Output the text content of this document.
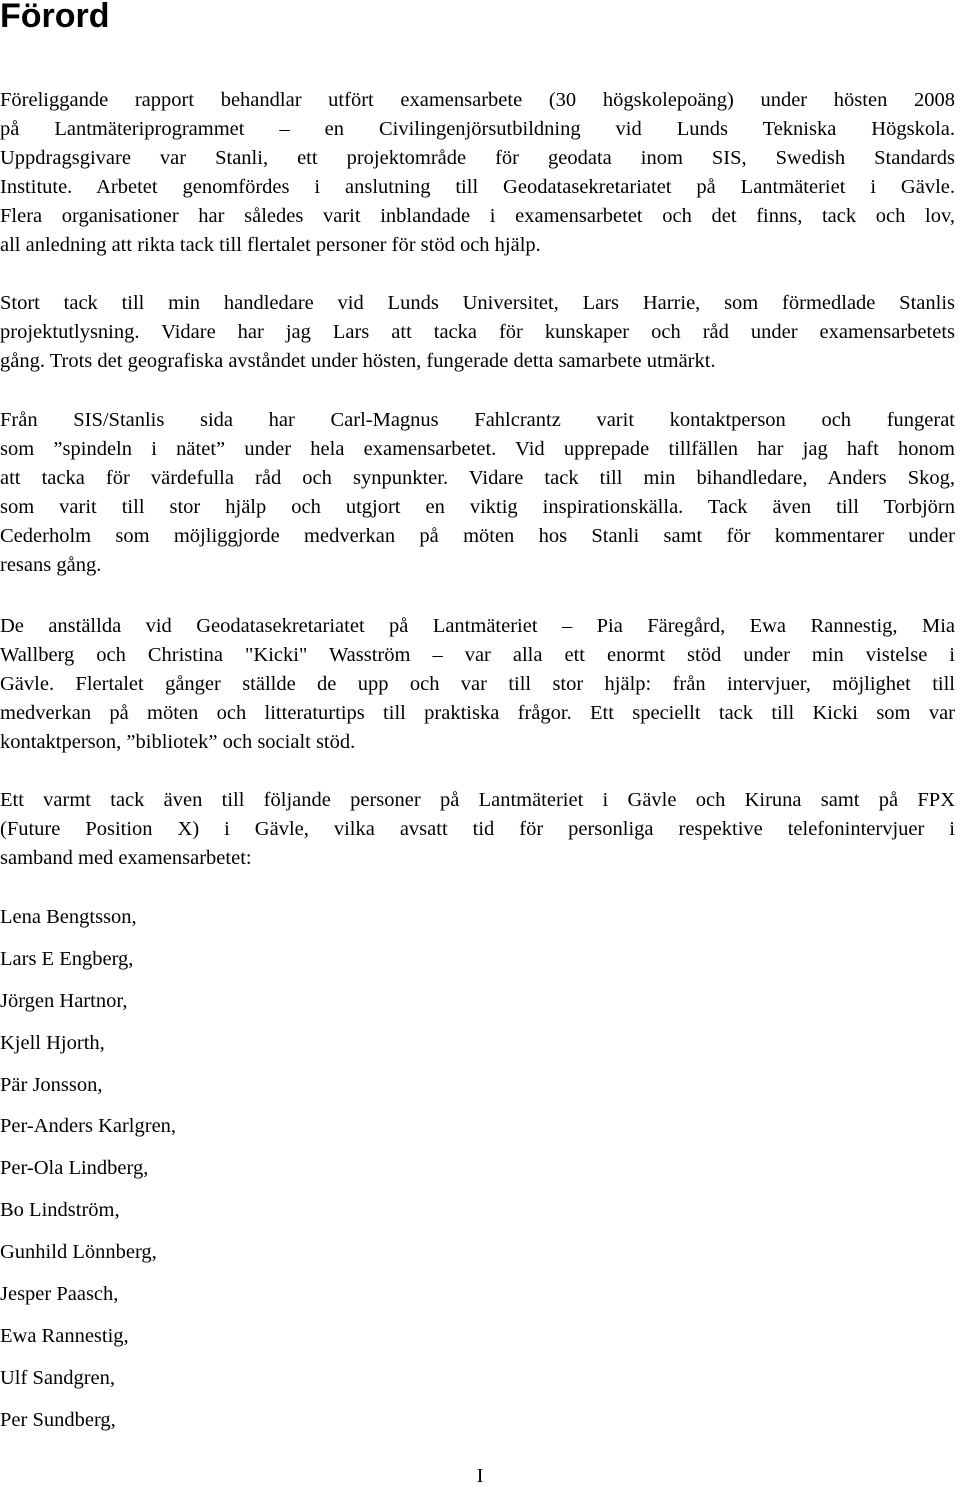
Förord
Föreliggande rapport behandlar utfört examensarbete (30 högskolepoäng) under hösten 2008
på Lantmäteriprogrammet – en Civilingenjörsutbildning vid Lunds Tekniska Högskola.
Uppdragsgivare var Stanli, ett projektområde för geodata inom SIS, Swedish Standards
Institute. Arbetet genomfördes i anslutning till Geodatasekretariatet på Lantmäteriet i Gävle.
Flera organisationer har således varit inblandade i examensarbetet och det finns, tack och lov,
all anledning att rikta tack till flertalet personer för stöd och hjälp.
Stort tack till min handledare vid Lunds Universitet, Lars Harrie, som förmedlade Stanlis
projektutlysning. Vidare har jag Lars att tacka för kunskaper och råd under examensarbetets
gång. Trots det geografiska avståndet under hösten, fungerade detta samarbete utmärkt.
Från SIS/Stanlis sida har Carl-Magnus Fahlcrantz varit kontaktperson och fungerat
som ”spindeln i nätet” under hela examensarbetet. Vid upprepade tillfällen har jag haft honom
att tacka för värdefulla råd och synpunkter. Vidare tack till min bihandledare, Anders Skog,
som varit till stor hjälp och utgjort en viktig inspirationskälla. Tack även till Torbjörn
Cederholm som möjliggjorde medverkan på möten hos Stanli samt för kommentarer under
resans gång.
De anställda vid Geodatasekretariatet på Lantmäteriet – Pia Färegård, Ewa Rannestig, Mia
Wallberg och Christina "Kicki" Wasström – var alla ett enormt stöd under min vistelse i
Gävle. Flertalet gånger ställde de upp och var till stor hjälp: från intervjuer, möjlighet till
medverkan på möten och litteraturtips till praktiska frågor. Ett speciellt tack till Kicki som var
kontaktperson, ”bibliotek” och socialt stöd.
Ett varmt tack även till följande personer på Lantmäteriet i Gävle och Kiruna samt på FPX
(Future Position X) i Gävle, vilka avsatt tid för personliga respektive telefonintervjuer i
samband med examensarbetet:
Lena Bengtsson,
Lars E Engberg,
Jörgen Hartnor,
Kjell Hjorth,
Pär Jonsson,
Per-Anders Karlgren,
Per-Ola Lindberg,
Bo Lindström,
Gunhild Lönnberg,
Jesper Paasch,
Ewa Rannestig,
Ulf Sandgren,
Per Sundberg,
I
